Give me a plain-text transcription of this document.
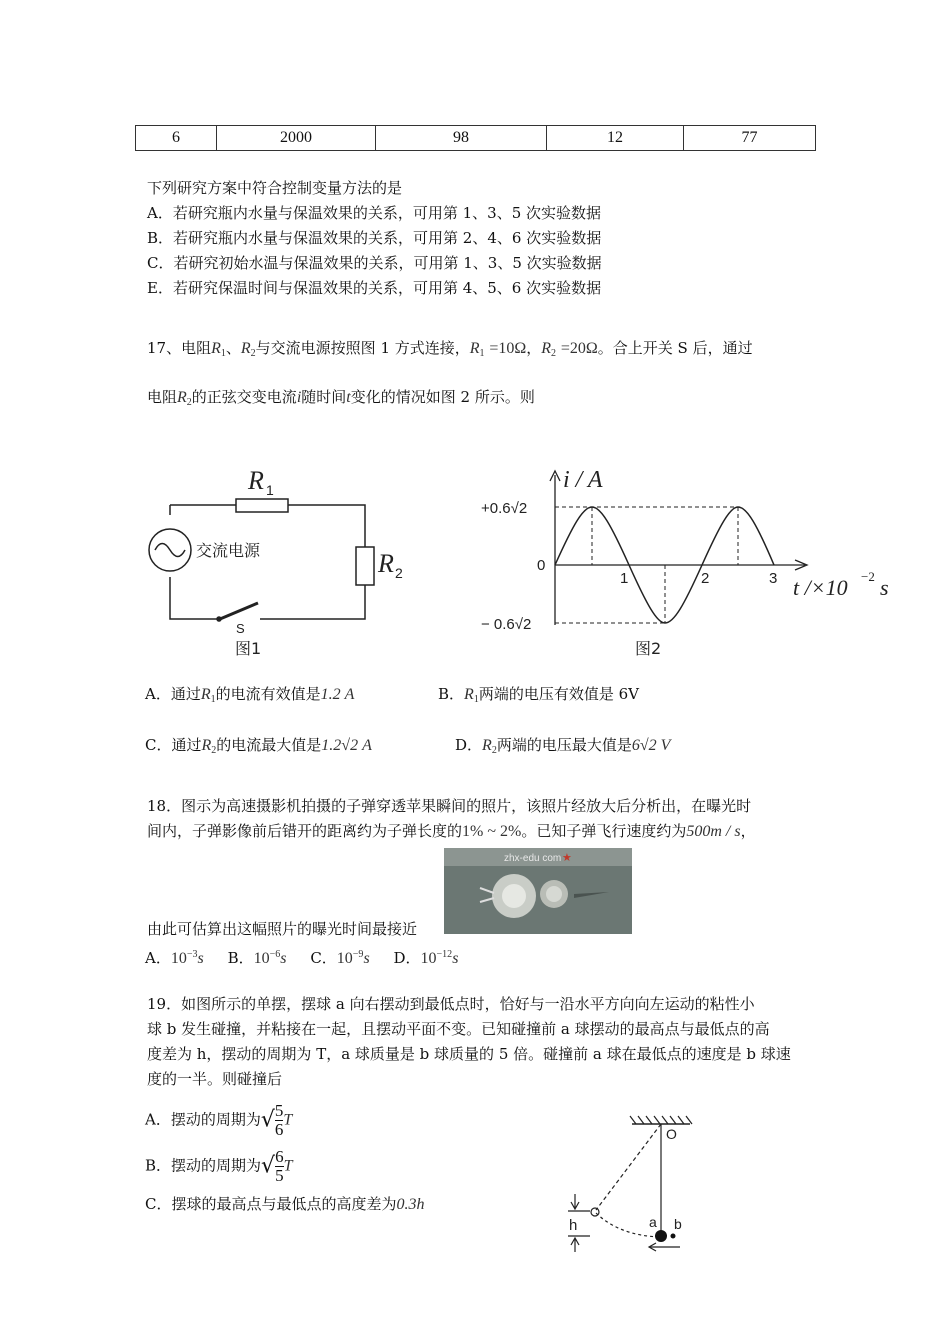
6	2000	98	12	77
下列研究方案中符合控制变量方法的是
A．若研究瓶内水量与保温效果的关系，可用第 1、3、5 次实验数据
B．若研究瓶内水量与保温效果的关系，可用第 2、4、6 次实验数据
C．若研究初始水温与保温效果的关系，可用第 1、3、5 次实验数据
E．若研究保温时间与保温效果的关系，可用第 4、5、6 次实验数据
17、电阻$R_1$、$R_2$与交流电源按照图 1 方式连接，$R_1 =10\Omega$，$R_2 =20\Omega$。合上开关 S 后，通过
电阻$R_2$的正弦交变电流i随时间t变化的情况如图 2 所示。则
R 1
R 2
交流电源
S
图1
i / A
+0.6√2
− 0.6√2
0
1	2	3 t /×10 −2 s
图2
A．通过$R_1$的电流有效值是1.2 A	B．$R_1$两端的电压有效值是 6V
C．通过$R_2$的电流最大值是1.2√2 A	D．$R_2$两端的电压最大值是6√2 V
18．图示为高速摄影机拍摄的子弹穿透苹果瞬间的照片，该照片经放大后分析出，在曝光时
间内，子弹影像前后错开的距离约为子弹长度的1% ~ 2%。已知子弹飞行速度约为500m / s，
zhx-edu com ★
由此可估算出这幅照片的曝光时间最接近
A．$10^{-3}s$ B．$10^{-6}s$ C．$10^{-9}s$ D．$10^{-12}s$
19．如图所示的单摆，摆球 a 向右摆动到最低点时，恰好与一沿水平方向向左运动的粘性小
球 b 发生碰撞，并粘接在一起，且摆动平面不变。已知碰撞前 a 球摆动的最高点与最低点的高
度差为 h，摆动的周期为 T，a 球质量是 b 球质量的 5 倍。碰撞前 a 球在最低点的速度是 b 球速
度的一半。则碰撞后
A．摆动的周期为√ $\frac{5}{6}$ T
B．摆动的周期为√ $\frac{6}{5}$ T
C．摆球的最高点与最低点的高度差为0.3h
O
h	a b
